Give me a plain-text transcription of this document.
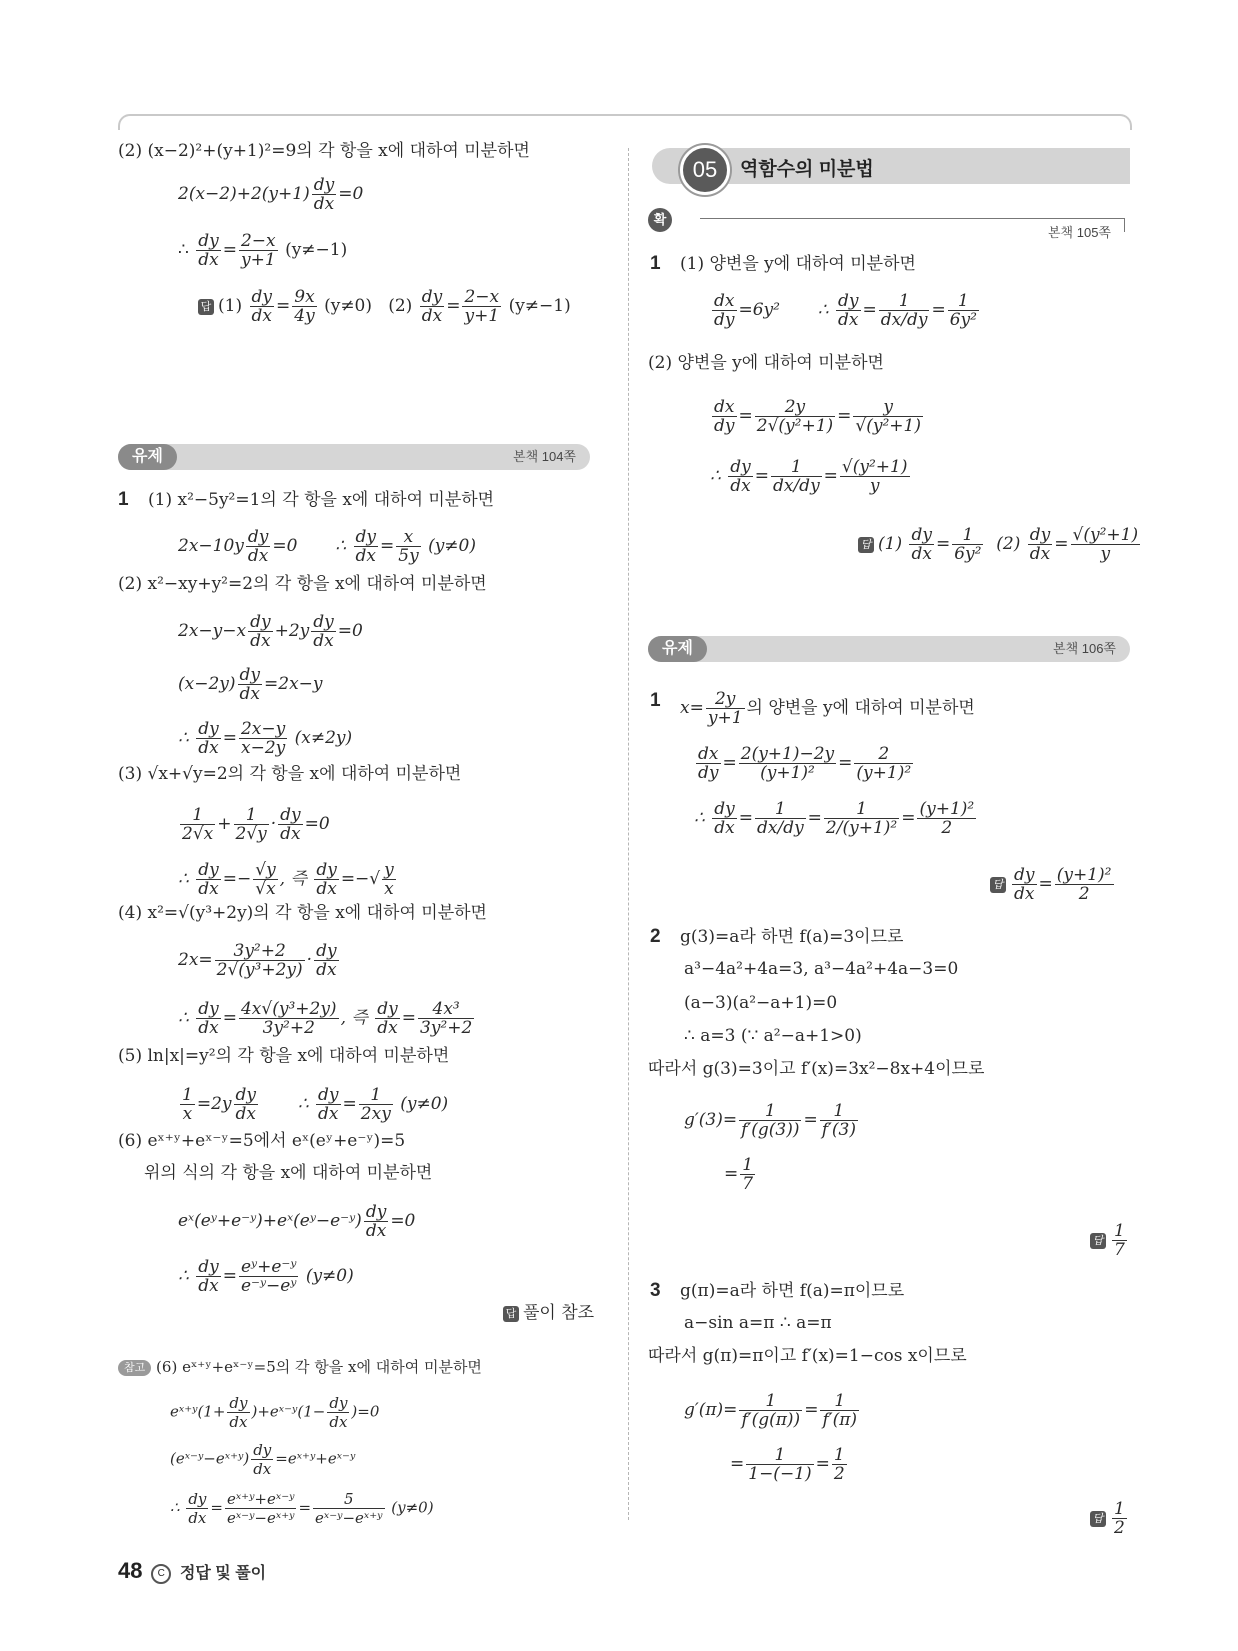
(2) (x−2)²+(y+1)²=9의 각 항을 x에 대하여 미분하면
$2(x-2)+2(y+1) \frac{dy}{dx} =0$
∴ $\frac{dy}{dx} = \frac{2-x}{y+1} (y\ne-1)$
답 $(1) \frac{dy}{dx} = \frac{9x}{4y} (y\ne 0)$ $(2) \frac{dy}{dx} = \frac{2-x}{y+1} (y\ne-1)$
유제	본책 104쪽
1 (1) x²−5y²=1의 각 항을 x에 대하여 미분하면
$2x-10y \frac{dy}{dx} =0$       ∴ $\frac{dy}{dx} = \frac{x}{5y} (y\ne 0)$
(2) x²−xy+y²=2의 각 항을 x에 대하여 미분하면
$2x-y-x \frac{dy}{dx} +2y \frac{dy}{dx} =0$
$(x-2y) \frac{dy}{dx} =2x-y$
∴ $\frac{dy}{dx} = \frac{2x-y}{x-2y} (x\ne 2y)$
(3) √x+√y=2의 각 항을 x에 대하여 미분하면
$\frac{1}{2√x} + \frac{1}{2√y} \cdot \frac{dy}{dx} =0$
∴ $\frac{dy}{dx} =- \frac{√y}{√x}$ , 즉 $\frac{dy}{dx}$ =−√ $\frac{y}{x}$
(4) x²=√(y³+2y)의 각 항을 x에 대하여 미분하면
$2x= \frac{\text{3y²+2}}{\text{2√(y³+2y)}} \cdot \frac{dy}{dx}$
∴ $\frac{dy}{dx} = \frac{\text{4x√(y³+2y)}}{\text{3y²+2}}$ , 즉 $\frac{dy}{dx} = \frac{\text{4x³}}{\text{3y²+2}}$
(5) ln|x|=y²의 각 항을 x에 대하여 미분하면
$\frac{1}{x} =2y \frac{dy}{dx}$ ∴ $\frac{dy}{dx} = \frac{1}{2xy} (y\ne 0)$
(6) eˣ⁺ʸ+eˣ⁻ʸ=5에서 eˣ(eʸ+e⁻ʸ)=5
위의 식의 각 항을 x에 대하여 미분하면
eˣ(eʸ+e⁻ʸ)+eˣ(eʸ−e⁻ʸ) $\frac{dy}{dx} =0$
∴ $\frac{dy}{dx} = \frac{\text{eʸ+e⁻ʸ}}{\text{e⁻ʸ−eʸ}} (y\ne 0)$
답 풀이 참조
참고 (6) eˣ⁺ʸ+eˣ⁻ʸ=5의 각 항을 x에 대하여 미분하면
eˣ⁺ʸ(1+ $\frac{dy}{dx}$ )+eˣ⁻ʸ(1− $\frac{dy}{dx} )=0$
(eˣ⁻ʸ−eˣ⁺ʸ) $\frac{dy}{dx}$ =eˣ⁺ʸ+eˣ⁻ʸ
∴ $\frac{dy}{dx} = \frac{\text{eˣ⁺ʸ+eˣ⁻ʸ}}{\text{eˣ⁻ʸ−eˣ⁺ʸ}} = \frac{5}{\text{eˣ⁻ʸ−eˣ⁺ʸ}} (y\ne 0)$
48 C 정답 및 풀이
05	역함수의 미분법
확인
본책 105쪽
1 (1) 양변을 y에 대하여 미분하면
$\frac{dx}{dy} =6y^2$       ∴ $\frac{dy}{dx} = \frac{1}{dx/dy} = \frac{1}{\text{6y²}}$
(2) 양변을 y에 대하여 미분하면
$\frac{dx}{dy} = \frac{2y}{\text{2√(y²+1)}} = \frac{y}{\text{√(y²+1)}}$
∴ $\frac{dy}{dx} = \frac{1}{dx/dy} = \frac{\text{√(y²+1)}}{y}$
답 $(1) \frac{dy}{dx} = \frac{1}{\text{6y²}} (2) \frac{dy}{dx} = \frac{\text{√(y²+1)}}{y}$
유제	본책 106쪽
1 $x= \frac{2y}{y+1}$ 의 양변을 y에 대하여 미분하면
$\frac{dx}{dy} = \frac{2(y+1)-2y}{\text{(y+1)²}} = \frac{2}{\text{(y+1)²}}$
∴ $\frac{dy}{dx} = \frac{1}{dx/dy} = \frac{1}{\text{2/(y+1)²}} = \frac{\text{(y+1)²}}{2}$
답 $\frac{dy}{dx} = \frac{\text{(y+1)²}}{2}$
2 g(3)=a라 하면 f(a)=3이므로
a³−4a²+4a=3, a³−4a²+4a−3=0
(a−3)(a²−a+1)=0
∴ a=3 (∵ a²−a+1>0)
따라서 g(3)=3이고 f′(x)=3x²−8x+4이므로
$g'(3)= \frac{1}{f'(g(3))} = \frac{1}{f'(3)}$
= $\frac{1}{7}$
답 $\frac{1}{7}$
3 g(π)=a라 하면 f(a)=π이므로
a−sin a=π ∴ a=π
따라서 g(π)=π이고 f′(x)=1−cos x이므로
$g'(\pi)= \frac{1}{f'(g(\pi))} = \frac{1}{f'(\pi)}$
= $\frac{1}{1-(-1)} = \frac{1}{2}$
답 $\frac{1}{2}$
